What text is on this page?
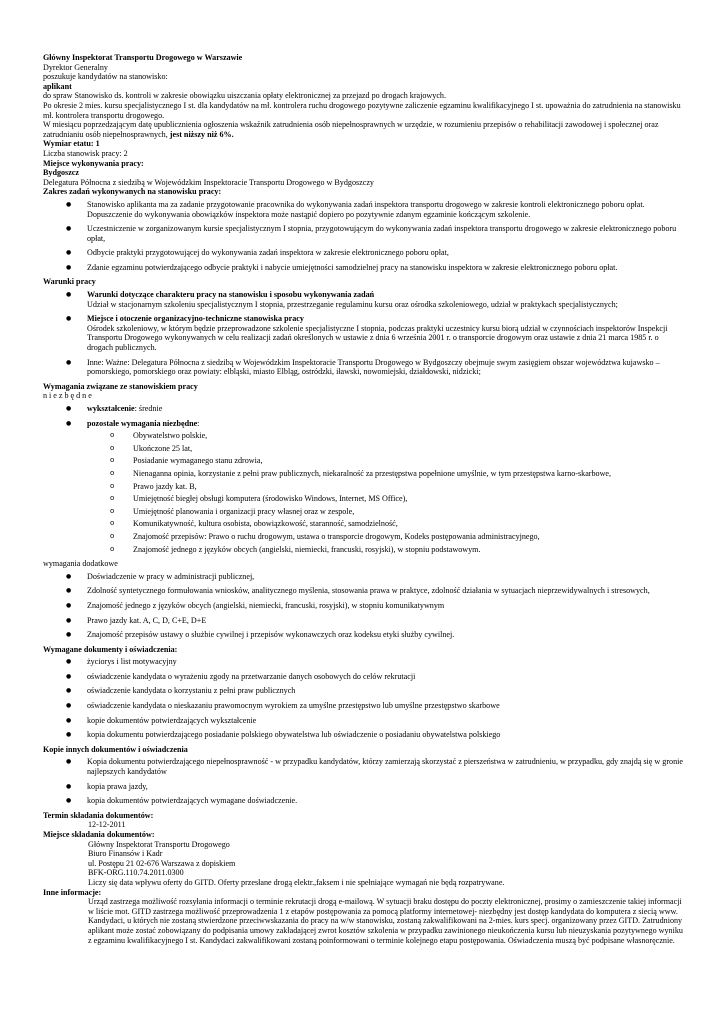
Główny Inspektorat Transportu Drogowego w Warszawie

Dyrektor Generalny

poszukuje kandydatów na stanowisko:

aplikant

do spraw Stanowisko ds. kontroli w zakresie obowiązku uiszczania opłaty elektronicznej za przejazd po drogach krajowych.

Po okresie 2 mies. kursu specjalistycznego I st. dla kandydatów na mł. kontrolera ruchu drogowego pozytywne zaliczenie egzaminu kwalifikacyjnego I st. upoważnia do zatrudnienia na stanowisku mł. kontrolera transportu drogowego.

W miesiącu poprzedzającym datę upublicznienia ogłoszenia wskaźnik zatrudnienia osób niepełnosprawnych w urzędzie, w rozumieniu przepisów o rehabilitacji zawodowej i społecznej oraz zatrudnianiu osób niepełnosprawnych, jest niższy niż 6%.

Wymiar etatu: 1

Liczba stanowisk pracy: 2

Miejsce wykonywania pracy:

Bydgoszcz

Delegatura Północna z siedzibą w Wojewódzkim Inspektoracie Transportu Drogowego w Bydgoszczy

Zakres zadań wykonywanych na stanowisku pracy:

● Stanowisko aplikanta ma za zadanie przygotowanie pracownika do wykonywania zadań inspektora transportu drogowego w zakresie kontroli elektronicznego poboru opłat. Dopuszczenie do wykonywania obowiązków inspektora może nastąpić dopiero po pozytywnie zdanym egzaminie kończącym szkolenie.
● Uczestniczenie w zorganizowanym kursie specjalistycznym I stopnia, przygotowującym do wykonywania zadań inspektora transportu drogowego w zakresie elektronicznego poboru opłat,
● Odbycie praktyki przygotowującej do wykonywania zadań inspektora w zakresie elektronicznego poboru opłat,
● Zdanie egzaminu potwierdzającego odbycie praktyki i nabycie umiejętności samodzielnej pracy na stanowisku inspektora w zakresie elektronicznego poboru opłat.

Warunki pracy

● Warunki dotyczące charakteru pracy na stanowisku i sposobu wykonywania zadań

Udział w stacjonarnym szkoleniu specjalistycznym I stopnia, przestrzeganie regulaminu kursu oraz ośrodka szkoleniowego, udział w praktykach specjalistycznych;

● Miejsce i otoczenie organizacyjno-techniczne stanowiska pracy

Ośrodek szkoleniowy, w którym będzie przeprowadzone szkolenie specjalistyczne I stopnia, podczas praktyki uczestnicy kursu biorą udział w czynnościach inspektorów Inspekcji Transportu Drogowego wykonywanych w celu realizacji zadań określonych w ustawie z dnia 6 września 2001 r. o transporcie drogowym oraz ustawie z dnia 21 marca 1985 r. o drogach publicznych.

● Inne: Ważne: Delegatura Północna z siedzibą w Wojewódzkim Inspektoracie Transportu Drogowego w Bydgoszczy obejmuje swym zasięgiem obszar województwa kujawsko – pomorskiego, pomorskiego oraz powiaty: elbląski, miasto Elbląg, ostródzki, iławski, nowomiejski, działdowski, nidzicki;

Wymagania związane ze stanowiskiem pracy

niezbędne

● wykształcenie: średnie
● pozostałe wymagania niezbędne:
o Obywatelstwo polskie,
o Ukończone 25 lat,
o Posiadanie wymaganego stanu zdrowia,
o Nienaganna opinia, korzystanie z pełni praw publicznych, niekaralność za przestępstwa popełnione umyślnie, w tym przestępstwa karno-skarbowe,
o Prawo jazdy kat. B,
o Umiejętność biegłej obsługi komputera (środowisko Windows, Internet, MS Office),
o Umiejętność planowania i organizacji pracy własnej oraz w zespole,
o Komunikatywność, kultura osobista, obowiązkowość, staranność, samodzielność,
o Znajomość przepisów: Prawo o ruchu drogowym, ustawa o transporcie drogowym, Kodeks postępowania administracyjnego,
o Znajomość jednego z języków obcych (angielski, niemiecki, francuski, rosyjski), w stopniu podstawowym.

wymagania dodatkowe

● Doświadczenie w pracy w administracji publicznej,
● Zdolność syntetycznego formułowania wniosków, analitycznego myślenia, stosowania prawa w praktyce, zdolność działania w sytuacjach nieprzewidywalnych i stresowych,
● Znajomość jednego z języków obcych (angielski, niemiecki, francuski, rosyjski), w stopniu komunikatywnym
● Prawo jazdy kat. A, C, D, C+E, D+E
● Znajomość przepisów ustawy o służbie cywilnej i przepisów wykonawczych oraz kodeksu etyki służby cywilnej.

Wymagane dokumenty i oświadczenia:

● życiorys i list motywacyjny
● oświadczenie kandydata o wyrażeniu zgody na przetwarzanie danych osobowych do celów rekrutacji
● oświadczenie kandydata o korzystaniu z pełni praw publicznych
● oświadczenie kandydata o nieskazaniu prawomocnym wyrokiem za umyślne przestępstwo lub umyślne przestępstwo skarbowe
● kopie dokumentów potwierdzających wykształcenie
● kopia dokumentu potwierdzającego posiadanie polskiego obywatelstwa lub oświadczenie o posiadaniu obywatelstwa polskiego

Kopie innych dokumentów i oświadczenia

● Kopia dokumentu potwierdzającego niepełnosprawność - w przypadku kandydatów, którzy zamierzają skorzystać z pierszeństwa w zatrudnieniu, w przypadku, gdy znajdą się w gronie najlepszych kandydatów
● kopia prawa jazdy,
● kopia dokumentów potwierdzających wymagane doświadczenie.

Termin składania dokumentów:

12-12-2011

Miejsce składania dokumentów:

Główny Inspektorat Transportu Drogowego

Biuro Finansów i Kadr

ul. Postępu 21 02-676 Warszawa z dopiskiem

BFK-ORG.110.74.2011.0300

Liczy się data wpływu oferty do GITD. Oferty przesłane drogą elektr.,faksem i nie spełniające wymagań nie będą rozpatrywane.

Inne informacje:

Urząd zastrzega możliwość rozsyłania informacji o terminie rekrutacji drogą e-mailową. W sytuacji braku dostępu do poczty elektronicznej, prosimy o zamieszczenie takiej informacji w liście mot. GITD zastrzega możliwość przeprowadzenia 1 z etapów postępowania za pomocą platformy internetowej- niezbędny jest dostęp kandydata do komputera z siecią www. Kandydaci, u których nie zostaną stwierdzone przeciwwskazania do pracy na w/w stanowisku, zostaną zakwalifikowani na 2-mies. kurs specj. organizowany przez GITD. Zatrudniony aplikant może zostać zobowiązany do podpisania umowy zakładającej zwrot kosztów szkolenia w przypadku zawinionego nieukończenia kursu lub nieuzyskania pozytywnego wyniku z egzaminu kwalifikacyjnego I st. Kandydaci zakwalifikowani zostaną poinformowani o terminie kolejnego etapu postępowania. Oświadczenia muszą być podpisane własnoręcznie.
